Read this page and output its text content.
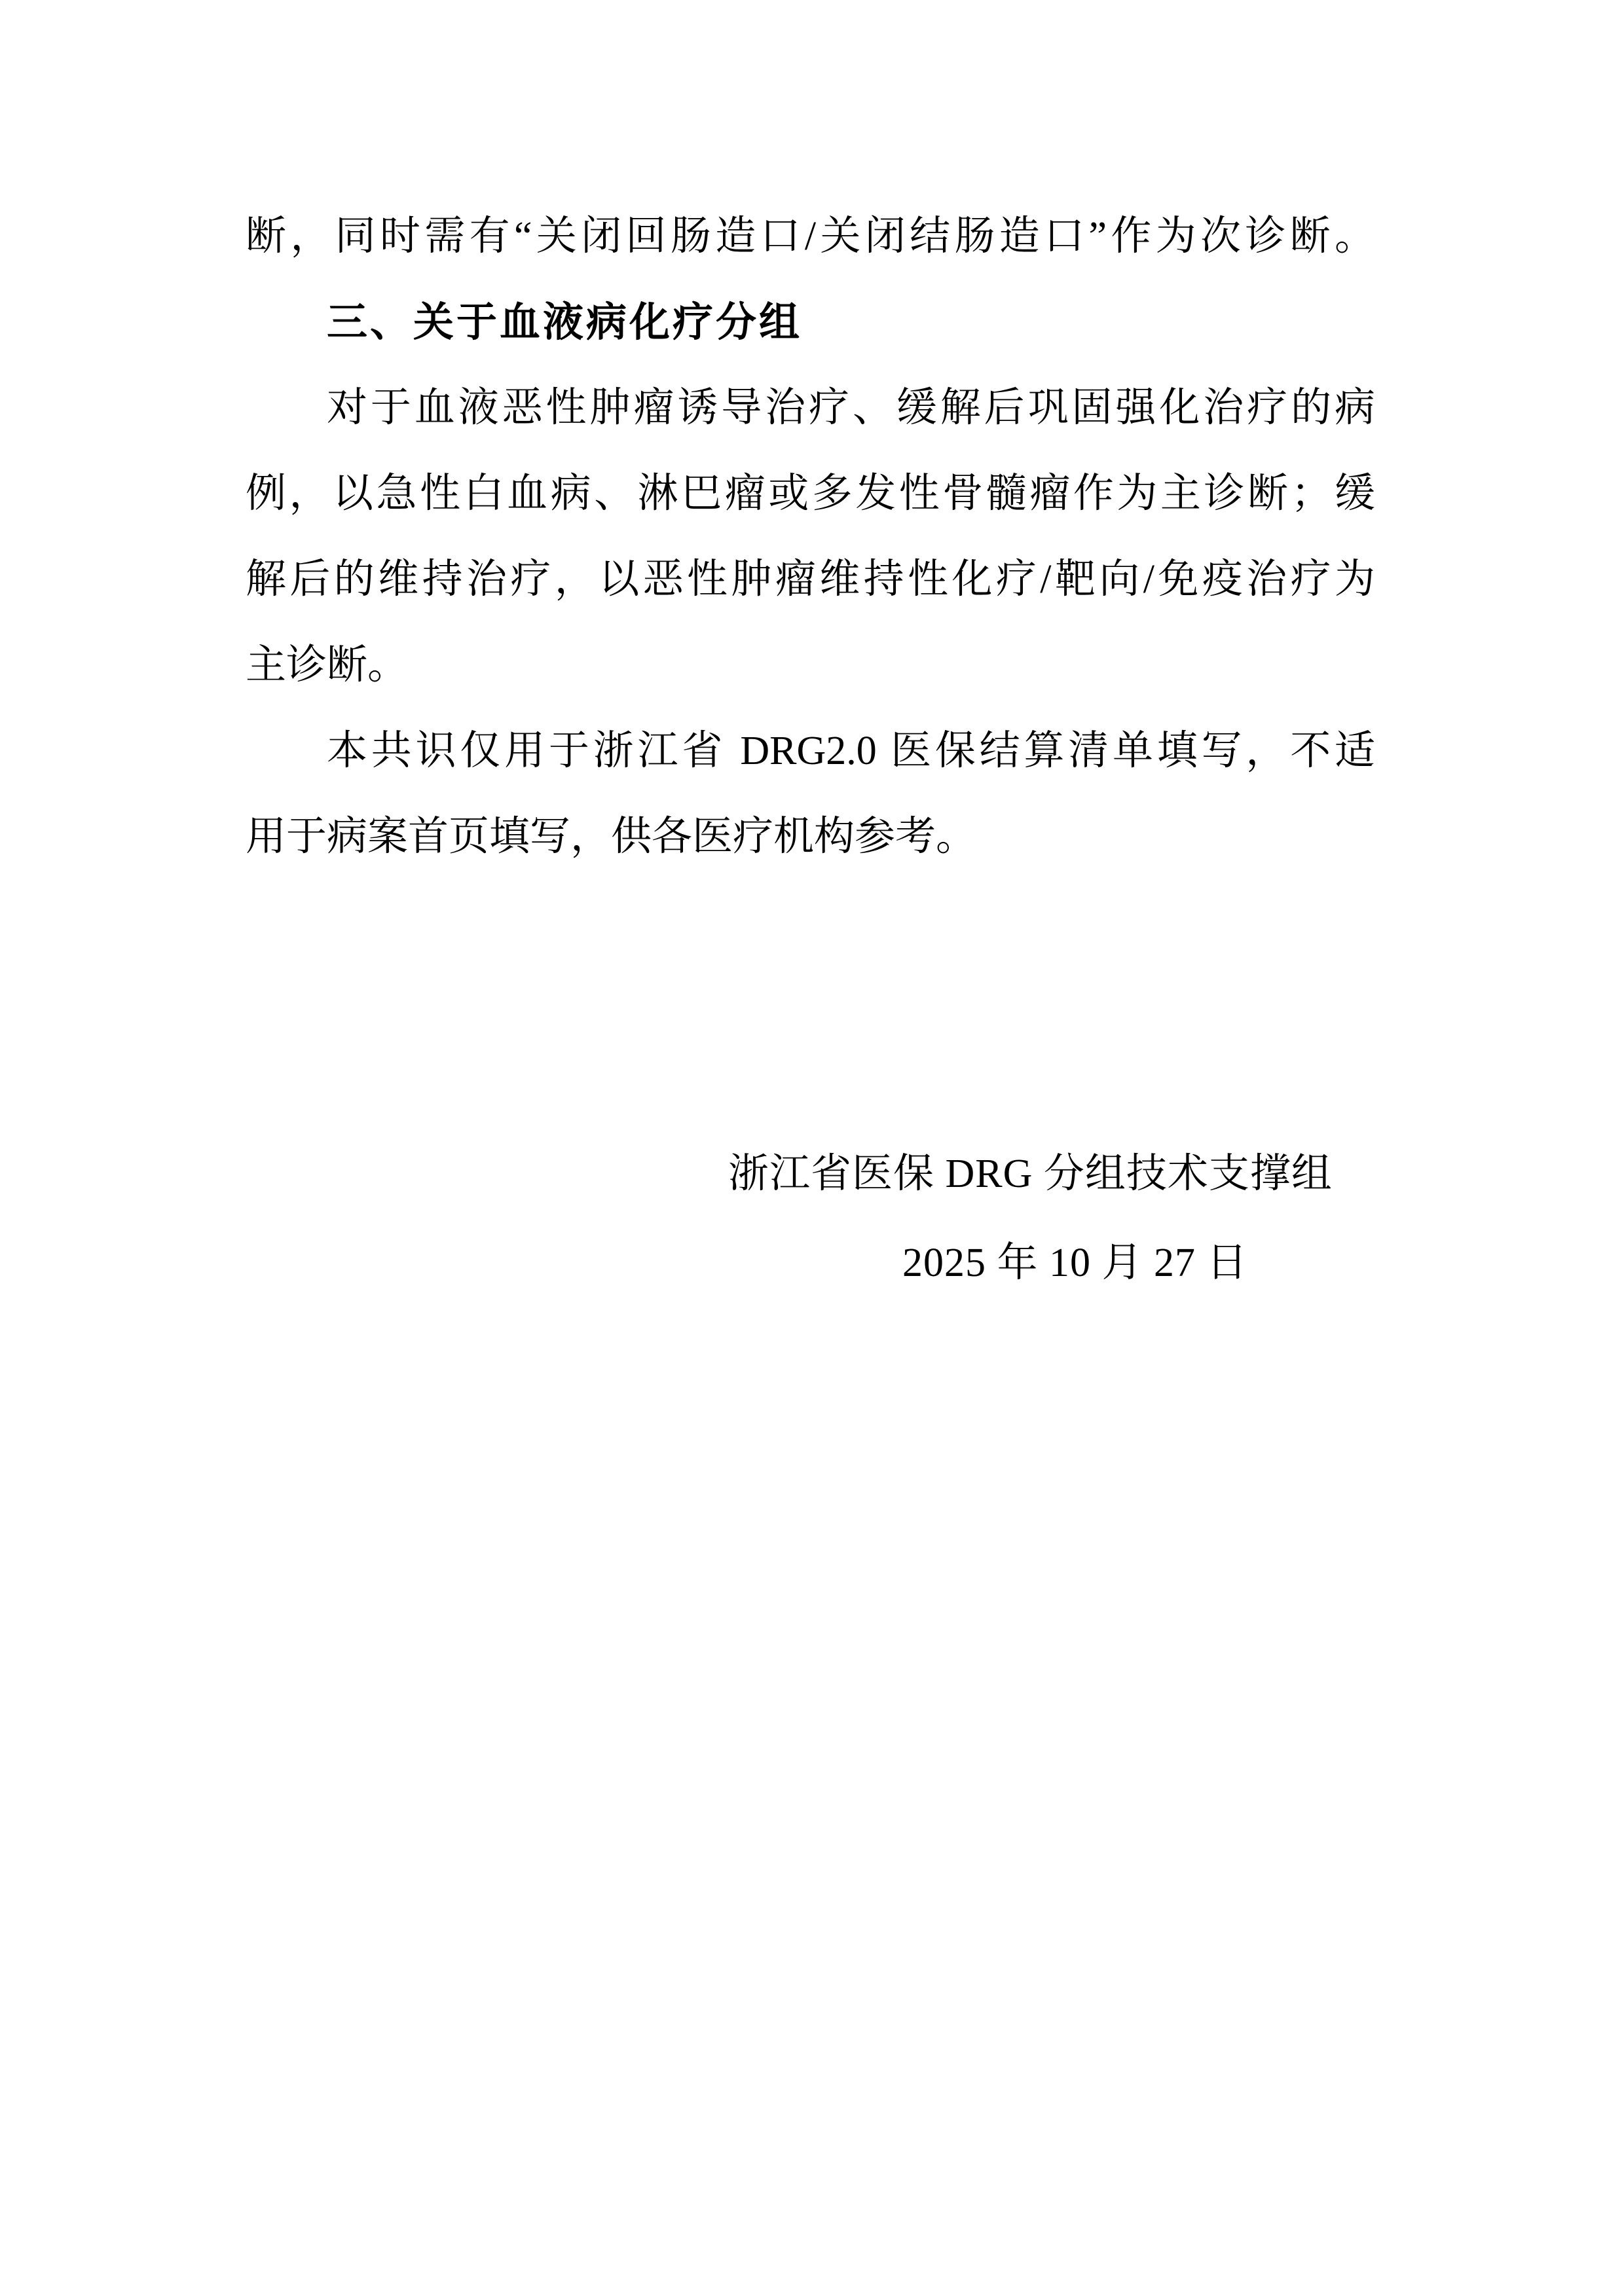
断，同时需有“关闭回肠造口/关闭结肠造口”作为次诊断。
三、关于血液病化疗分组
对于血液恶性肿瘤诱导治疗、缓解后巩固强化治疗的病
例，以急性白血病、淋巴瘤或多发性骨髓瘤作为主诊断；缓
解后的维持治疗，以恶性肿瘤维持性化疗/靶向/免疫治疗为
主诊断。
本共识仅用于浙江省 DRG2.0 医保结算清单填写，不适
用于病案首页填写，供各医疗机构参考。
浙江省医保 DRG 分组技术支撑组
2025 年 10 月 27 日
